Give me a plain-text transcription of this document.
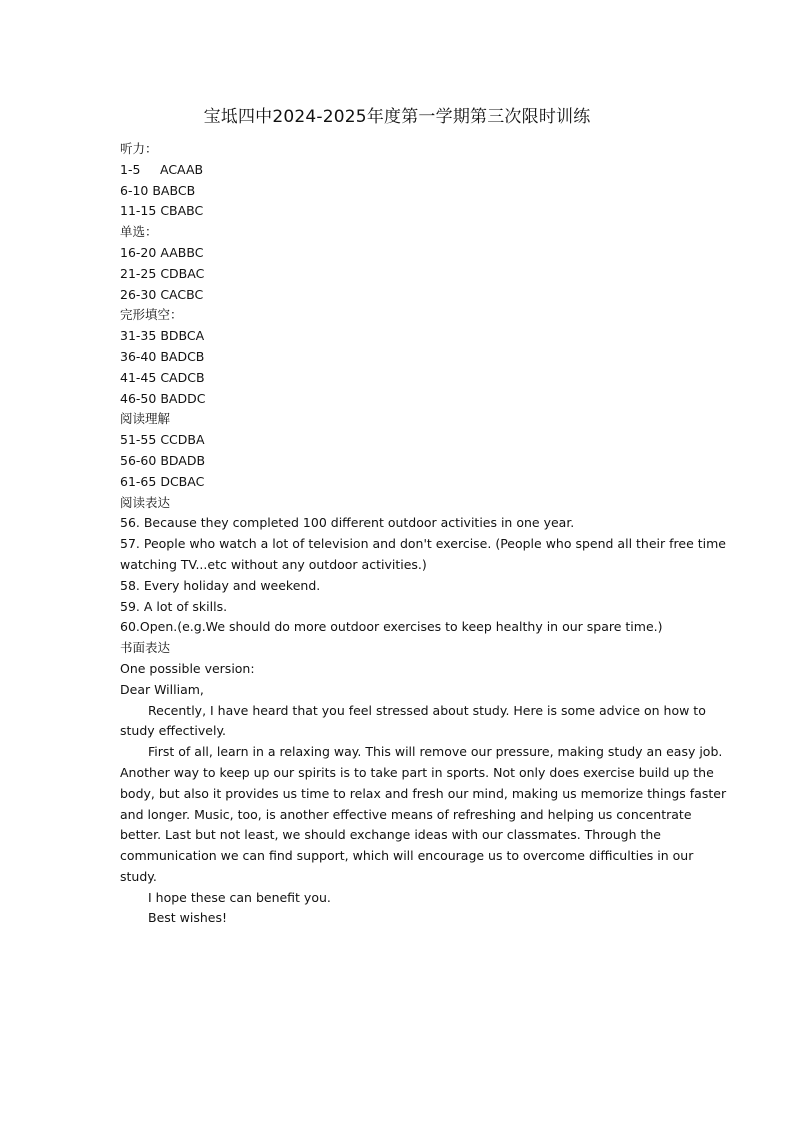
宝坻四中2024-2025年度第一学期第三次限时训练
听力：
1-5 ACAAB
6-10 BABCB
11-15 CBABC
单选：
16-20 AABBC
21-25 CDBAC
26-30 CACBC
完形填空：
31-35 BDBCA
36-40 BADCB
41-45 CADCB
46-50 BADDC
阅读理解
51-55 CCDBA
56-60 BDADB
61-65 DCBAC
阅读表达
56. Because they completed 100 different outdoor activities in one year.
57. People who watch a lot of television and don't exercise. (People who spend all their free time
watching TV...etc without any outdoor activities.)
58. Every holiday and weekend.
59. A lot of skills.
60.Open.(e.g.We should do more outdoor exercises to keep healthy in our spare time.)
书面表达
One possible version:
Dear William,
Recently, I have heard that you feel stressed about study. Here is some advice on how to
study effectively.
First of all, learn in a relaxing way. This will remove our pressure, making study an easy job.
Another way to keep up our spirits is to take part in sports. Not only does exercise build up the
body, but also it provides us time to relax and fresh our mind, making us memorize things faster
and longer. Music, too, is another effective means of refreshing and helping us concentrate
better. Last but not least, we should exchange ideas with our classmates. Through the
communication we can find support, which will encourage us to overcome difficulties in our
study.
I hope these can benefit you.
Best wishes!
